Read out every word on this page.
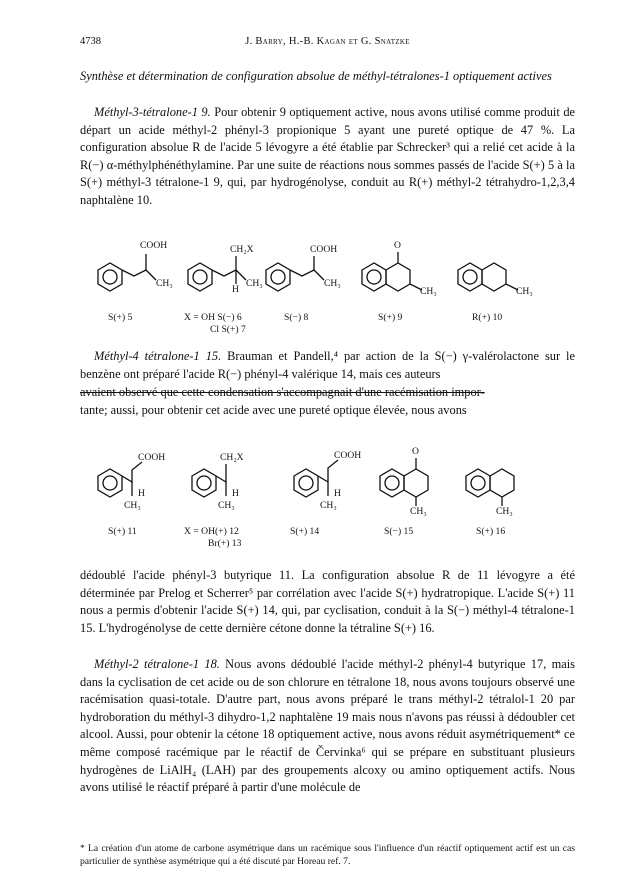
4738	J. Barry, H.-B. Kagan et G. Snatzke
Synthèse et détermination de configuration absolue de méthyl-tétralones-1 optiquement actives
Méthyl-3-tétralone-1 9. Pour obtenir 9 optiquement active, nous avons utilisé comme produit de départ un acide méthyl-2 phényl-3 propionique 5 ayant une pureté optique de 47 %. La configuration absolue R de l'acide 5 lévogyre a été établie par Schrecker³ qui a relié cet acide à la R(−) α-méthylphénéthylamine. Par une suite de réactions nous sommes passés de l'acide S(+) 5 à la S(+) méthyl-3 tétralone-1 9, qui, par hydrogénolyse, conduit au R(+) méthyl-2 tétrahydro-1,2,3,4 naphtalène 10.
COOH
CH₃
CH₂X
CH₃
H
COOH
CH₃
O
CH₃	CH₃
S(+) 5	X = OH S(−) 6
Cl S(+) 7
S(−) 8	S(+) 9	R(+) 10
Méthyl-4 tétralone-1 15. Brauman et Pandell,⁴ par action de la S(−) γ-valérolactone sur le benzène ont préparé l'acide R(−) phényl-4 valérique 14, mais ces auteurs
avaient observé que cette condensation s'accompagnait d'une racémisation impor-
tante; aussi, pour obtenir cet acide avec une pureté optique élevée, nous avons
COOH
H
CH₃
CH₂X
H
CH₃
COOH
H
CH₃
O
CH₃	CH₃
S(+) 11	X = OH(+) 12
Br(+) 13
S(+) 14	S(−) 15	S(+) 16
dédoublé l'acide phényl-3 butyrique 11. La configuration absolue R de 11 lévogyre a été déterminée par Prelog et Scherrer⁵ par corrélation avec l'acide S(+) hydratropique. L'acide S(+) 11 nous a permis d'obtenir l'acide S(+) 14, qui, par cyclisation, conduit à la S(−) méthyl-4 tétralone-1 15. L'hydrogénolyse de cette dernière cétone donne la tétraline S(+) 16.
Méthyl-2 tétralone-1 18. Nous avons dédoublé l'acide méthyl-2 phényl-4 butyrique 17, mais dans la cyclisation de cet acide ou de son chlorure en tétralone 18, nous avons toujours observé une racémisation quasi-totale. D'autre part, nous avons préparé le trans méthyl-2 tétralol-1 20 par hydroboration du méthyl-3 dihydro-1,2 naphtalène 19 mais nous n'avons pas réussi à dédoubler cet alcool. Aussi, pour obtenir la cétone 18 optiquement active, nous avons réduit asymétriquement* ce même composé racémique par le réactif de Červinka⁶ qui se prépare en substituant plusieurs hydrogènes de LiAlH₄ (LAH) par des groupements alcoxy ou amino optiquement actifs. Nous avons utilisé le réactif préparé à partir d'une molécule de
* La création d'un atome de carbone asymétrique dans un racémique sous l'influence d'un réactif optiquement actif est un cas particulier de synthèse asymétrique qui a été discuté par Horeau ref. 7.
